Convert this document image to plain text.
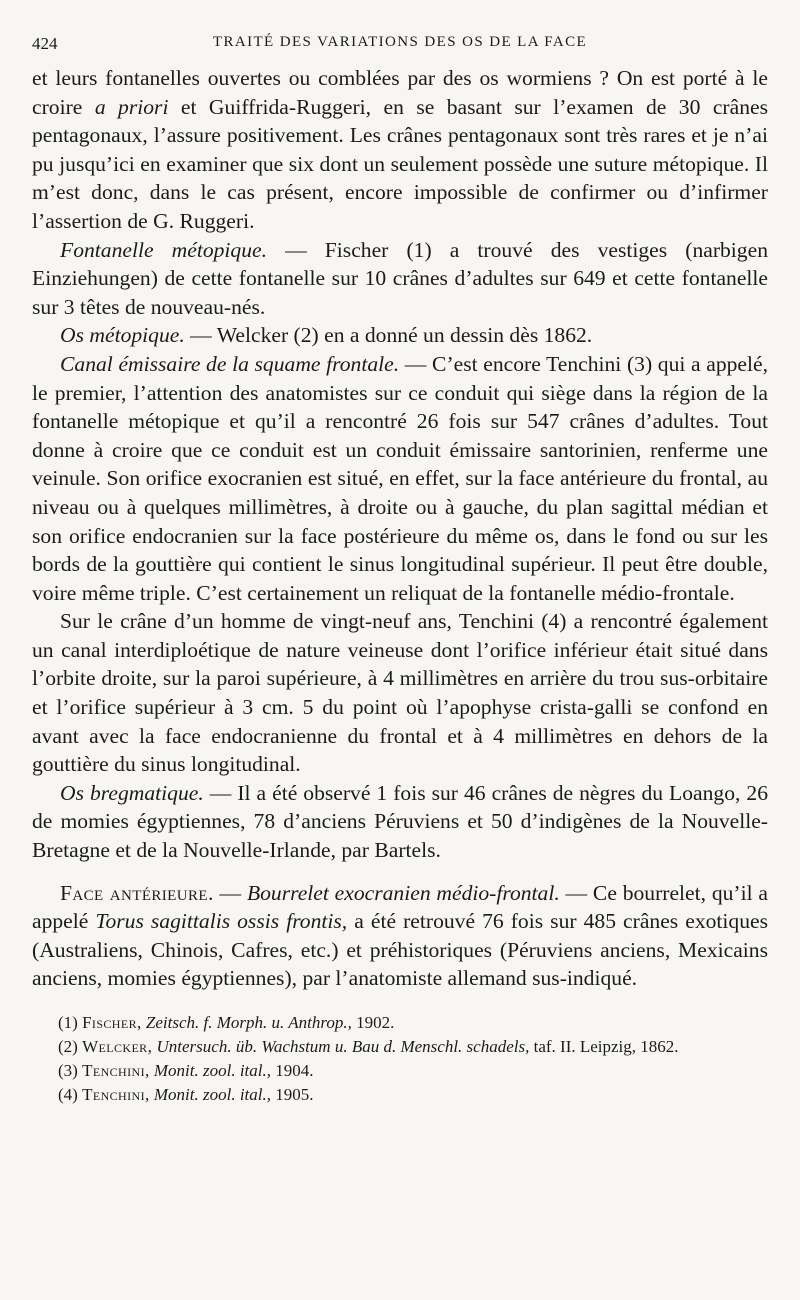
424	TRAITÉ DES VARIATIONS DES OS DE LA FACE

et leurs fontanelles ouvertes ou comblées par des os wormiens ? On est porté à le croire a priori et Guiffrida-Ruggeri, en se basant sur l’examen de 30 crânes pentagonaux, l’assure positivement. Les crânes pentagonaux sont très rares et je n’ai pu jusqu’ici en examiner que six dont un seulement possède une suture métopique. Il m’est donc, dans le cas présent, encore impossible de confirmer ou d’infirmer l’assertion de G. Ruggeri.

Fontanelle métopique. — Fischer (1) a trouvé des vestiges (narbigen Einziehungen) de cette fontanelle sur 10 crânes d’adultes sur 649 et cette fontanelle sur 3 têtes de nouveau-nés.

Os métopique. — Welcker (2) en a donné un dessin dès 1862.

Canal émissaire de la squame frontale. — C’est encore Tenchini (3) qui a appelé, le premier, l’attention des anatomistes sur ce conduit qui siège dans la région de la fontanelle métopique et qu’il a rencontré 26 fois sur 547 crânes d’adultes. Tout donne à croire que ce conduit est un conduit émissaire santorinien, renferme une veinule. Son orifice exocranien est situé, en effet, sur la face antérieure du frontal, au niveau ou à quelques millimètres, à droite ou à gauche, du plan sagittal médian et son orifice endocranien sur la face postérieure du même os, dans le fond ou sur les bords de la gouttière qui contient le sinus longitudinal supérieur. Il peut être double, voire même triple. C’est certainement un reliquat de la fontanelle médio-frontale.

Sur le crâne d’un homme de vingt-neuf ans, Tenchini (4) a rencontré également un canal interdiploétique de nature veineuse dont l’orifice inférieur était situé dans l’orbite droite, sur la paroi supérieure, à 4 millimètres en arrière du trou sus-orbitaire et l’orifice supérieur à 3 cm. 5 du point où l’apophyse crista-galli se confond en avant avec la face endocranienne du frontal et à 4 millimètres en dehors de la gouttière du sinus longitudinal.

Os bregmatique. — Il a été observé 1 fois sur 46 crânes de nègres du Loango, 26 de momies égyptiennes, 78 d’anciens Péruviens et 50 d’indigènes de la Nouvelle-Bretagne et de la Nouvelle-Irlande, par Bartels.

Face antérieure. — Bourrelet exocranien médio-frontal. — Ce bourrelet, qu’il a appelé Torus sagittalis ossis frontis, a été retrouvé 76 fois sur 485 crânes exotiques (Australiens, Chinois, Cafres, etc.) et préhistoriques (Péruviens anciens, Mexicains anciens, momies égyptiennes), par l’anatomiste allemand sus-indiqué.

(1) Fischer, Zeitsch. f. Morph. u. Anthrop., 1902.

(2) Welcker, Untersuch. üb. Wachstum u. Bau d. Menschl. schadels, taf. II. Leipzig, 1862.

(3) Tenchini, Monit. zool. ital., 1904.

(4) Tenchini, Monit. zool. ital., 1905.
